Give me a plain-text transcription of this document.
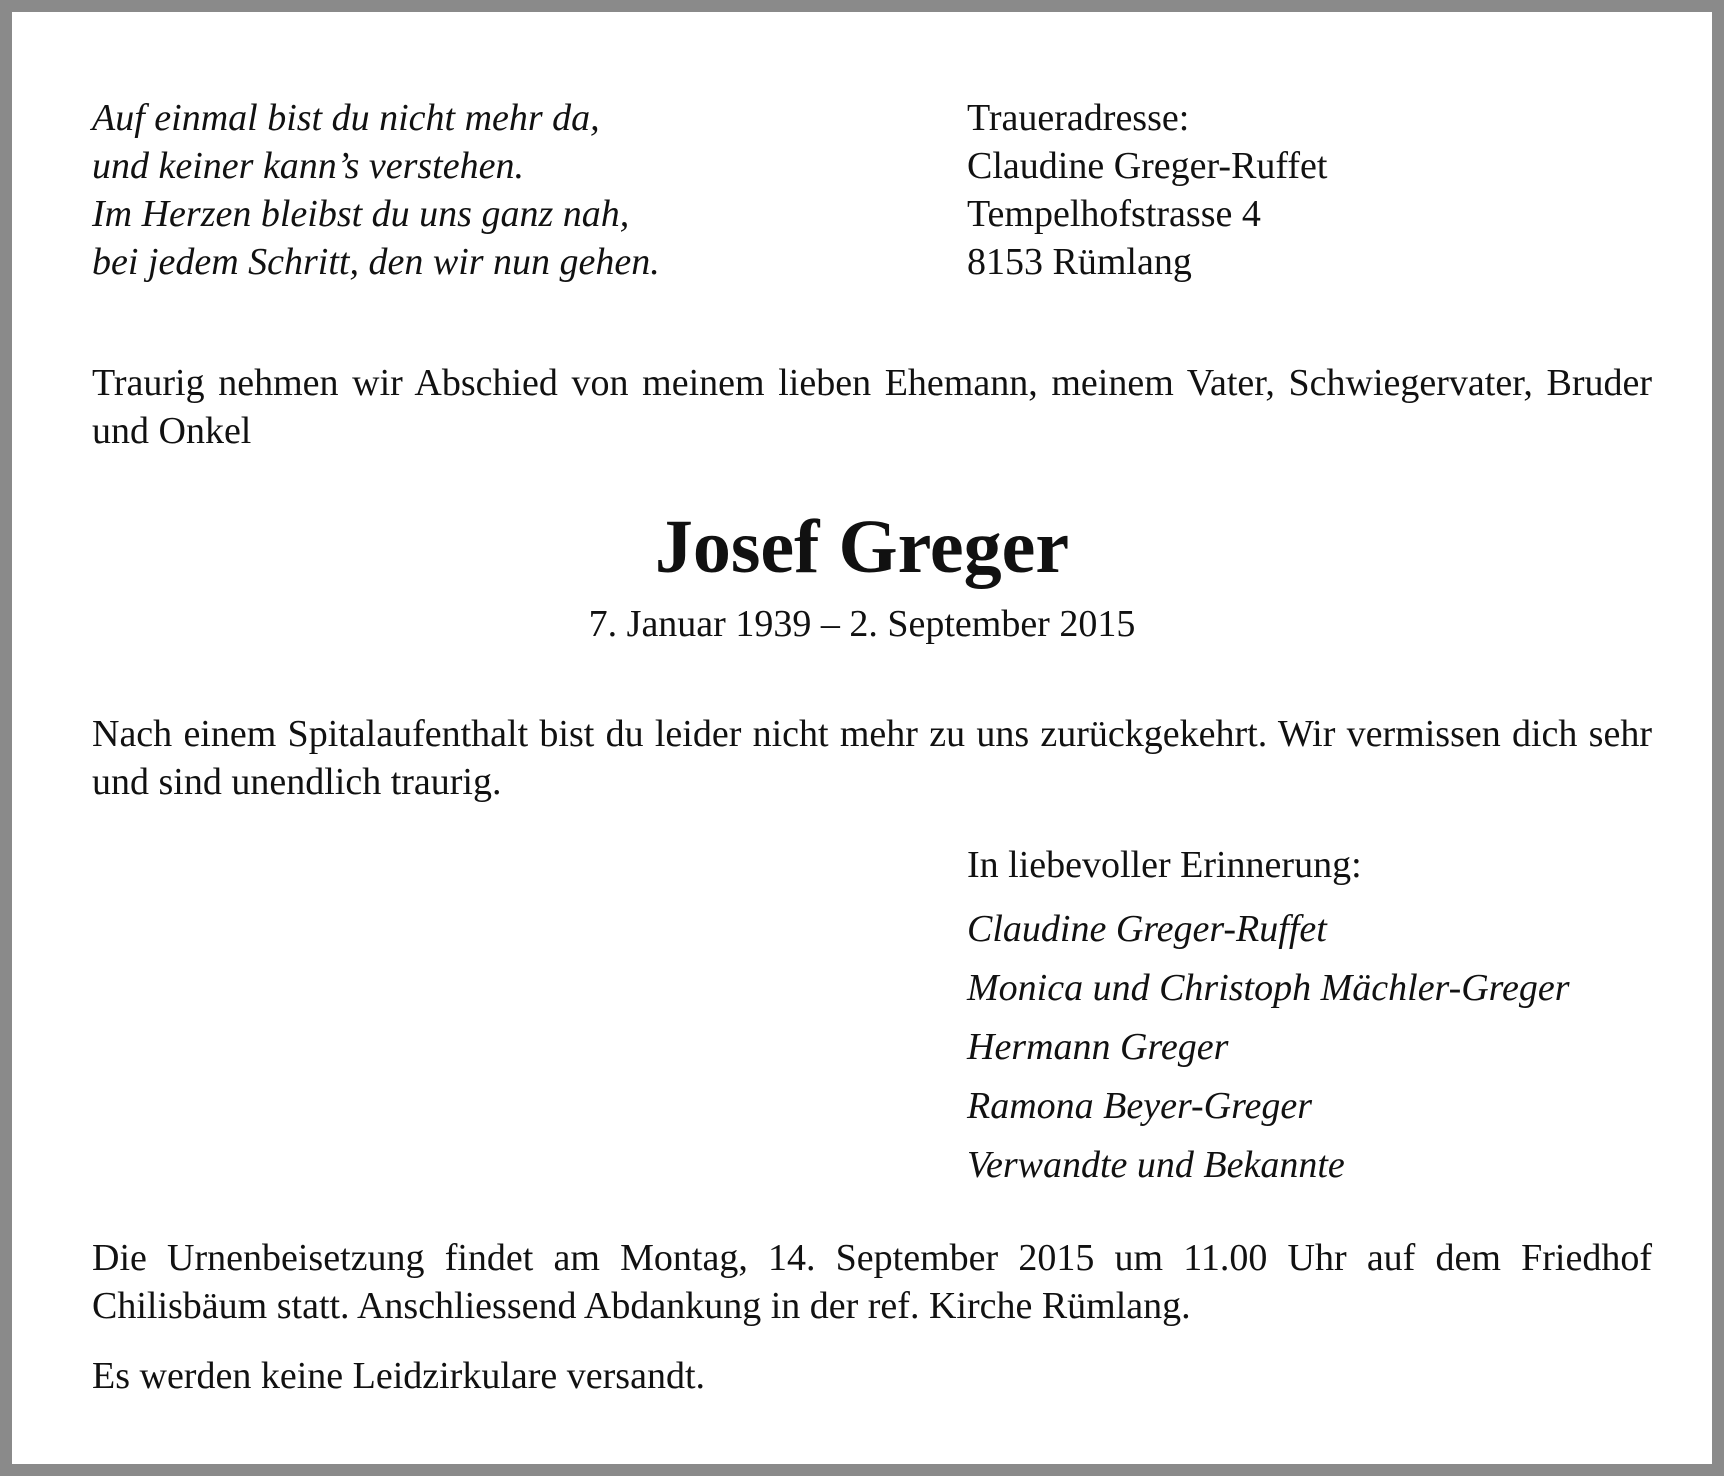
Auf einmal bist du nicht mehr da,
und keiner kann’s verstehen.
Im Herzen bleibst du uns ganz nah,
bei jedem Schritt, den wir nun gehen.
Traueradresse:
Claudine Greger-Ruffet
Tempelhofstrasse 4
8153 Rümlang
Traurig nehmen wir Abschied von meinem lieben Ehemann, meinem Vater, Schwiegervater, Bruder und Onkel
Josef Greger
7. Januar 1939 – 2. September 2015
Nach einem Spitalaufenthalt bist du leider nicht mehr zu uns zurückgekehrt. Wir vermissen dich sehr und sind unendlich traurig.
In liebevoller Erinnerung:
Claudine Greger-Ruffet
Monica und Christoph Mächler-Greger
Hermann Greger
Ramona Beyer-Greger
Verwandte und Bekannte
Die Urnenbeisetzung findet am Montag, 14. September 2015 um 11.00 Uhr auf dem Friedhof Chilisbäum statt. Anschliessend Abdankung in der ref. Kirche Rümlang.
Es werden keine Leidzirkulare versandt.
